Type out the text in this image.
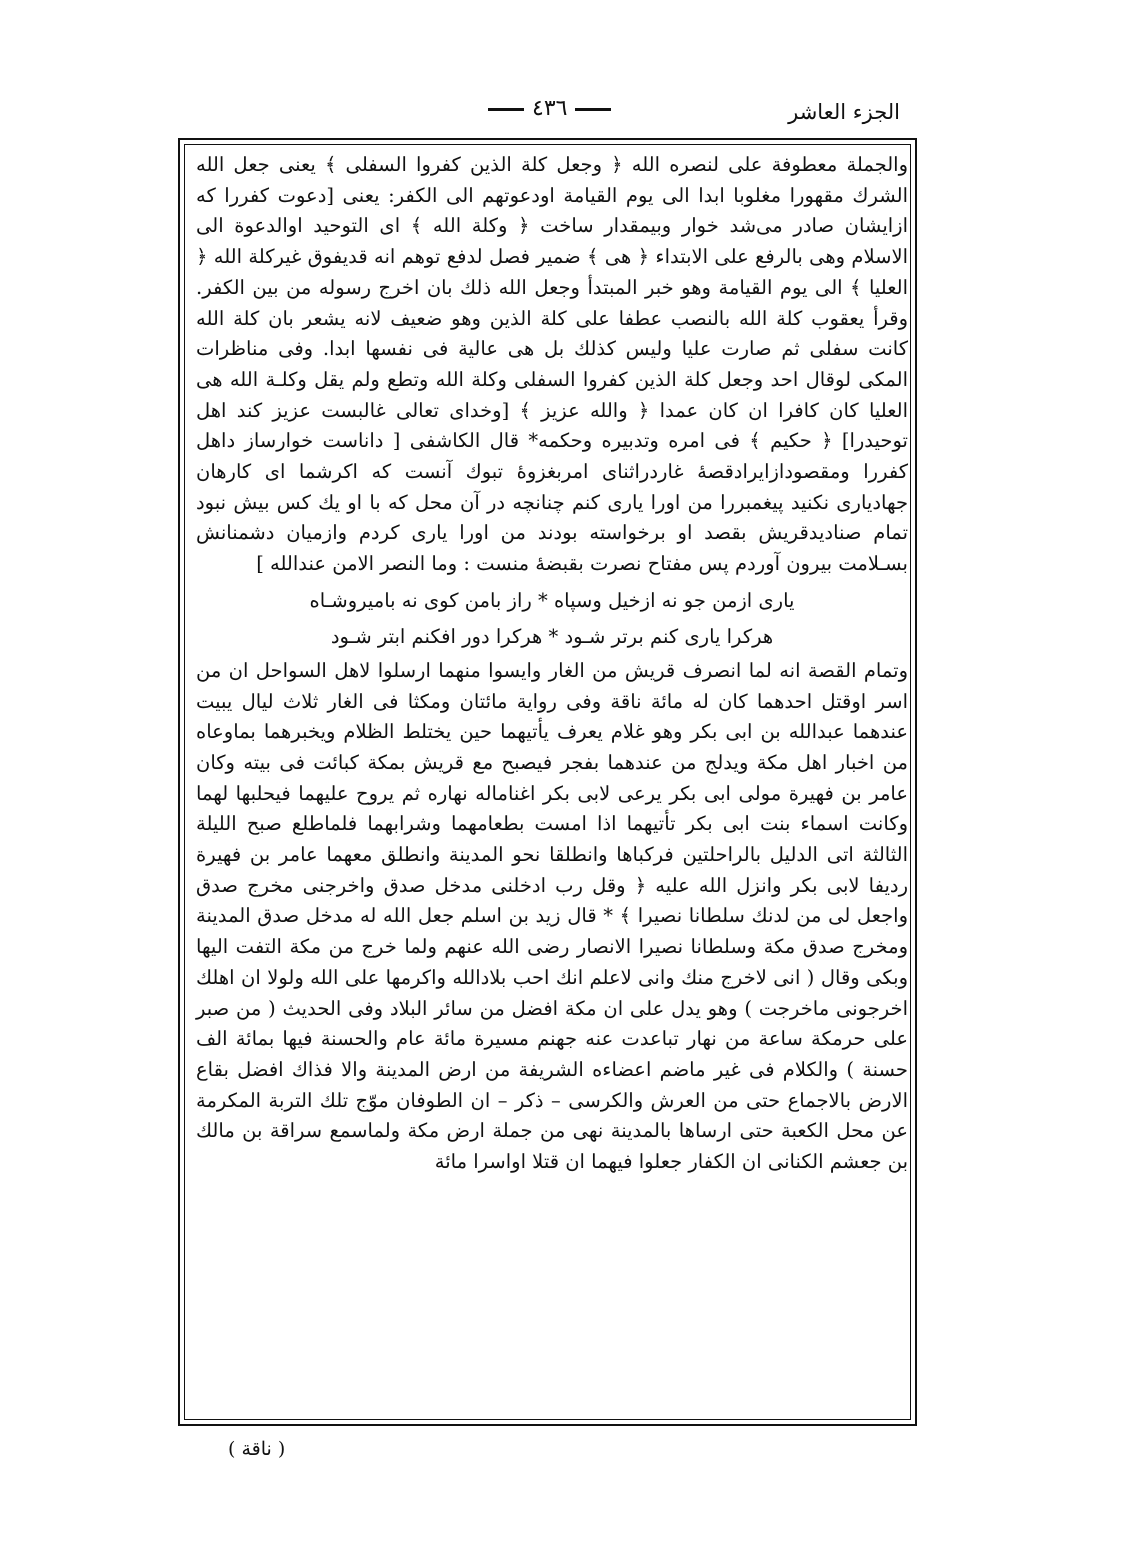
الجزء العاشر
٤٣٦

والجملة معطوفة على لنصره الله ﴿ وجعل كلة الذين كفروا السفلى ﴾ يعنى جعل الله الشرك مقهورا مغلوبا ابدا الى يوم القيامة اودعوتهم الى الكفر: يعنى [دعوت كفررا كه ازايشان صادر مى‌شد خوار وبيمقدار ساخت ﴿ وكلة الله ﴾ اى التوحيد اوالدعوة الى الاسلام وهى بالرفع على الابتداء ﴿ هى ﴾ ضمير فصل لدفع توهم انه قديفوق غيركلة الله ﴿ العليا ﴾ الى يوم القيامة وهو خبر المبتدأ وجعل الله ذلك بان اخرج رسوله من بين الكفر. وقرأ يعقوب كلة الله بالنصب عطفا على كلة الذين وهو ضعيف لانه يشعر بان كلة الله كانت سفلى ثم صارت عليا وليس كذلك بل هى عالية فى نفسها ابدا. وفى مناظرات المكى لوقال احد وجعل كلة الذين كفروا السفلى وكلة الله وتطع ولم يقل وكلـة الله هى العليا كان كافرا ان كان عمدا ﴿ والله عزيز ﴾ [وخداى تعالى غالبست عزيز كند اهل توحيدرا] ﴿ حكيم ﴾ فى امره وتدبيره وحكمه* قال الكاشفى [ داناست خوارساز داهل كفررا ومقصودازايرادقصهٔ غاردراثناى امربغزوهٔ تبوك آنست كه اكرشما اى كارهان جهاديارى نكنيد پيغمبررا من اورا يارى كنم چنانچه در آن محل كه با او يك كس بيش نبود تمام صناديدقريش بقصد او برخواسته بودند من اورا يارى كردم وازميان دشمنانش بسـلامت بيرون آوردم پس مفتاح نصرت بقبضهٔ منست : وما النصر الامن عندالله ]

يارى ازمن جو نه ازخيل وسپاه * راز بامن كوى نه باميروشـاه
هركرا يارى كنم برتر شـود * هركرا دور افكنم ابتر شـود

وتمام القصة انه لما انصرف قريش من الغار وايسوا منهما ارسلوا لاهل السواحل ان من اسر اوقتل احدهما كان له مائة ناقة وفى رواية مائتان ومكثا فى الغار ثلاث ليال يبيت عندهما عبدالله بن ابى بكر وهو غلام يعرف يأتيهما حين يختلط الظلام ويخبرهما بماوعاه من اخبار اهل مكة ويدلج من عندهما بفجر فيصبح مع قريش بمكة كبائت فى بيته وكان عامر بن فهيرة مولى ابى بكر يرعى لابى بكر اغناماله نهاره ثم يروح عليهما فيحلبها لهما وكانت اسماء بنت ابى بكر تأتيهما اذا امست بطعامهما وشرابهما فلماطلع صبح الليلة الثالثة اتى الدليل بالراحلتين فركباها وانطلقا نحو المدينة وانطلق معهما عامر بن فهيرة رديفا لابى بكر وانزل الله عليه ﴿ وقل رب ادخلنى مدخل صدق واخرجنى مخرج صدق واجعل لى من لدنك سلطانا نصيرا ﴾ * قال زيد بن اسلم جعل الله له مدخل صدق المدينة ومخرج صدق مكة وسلطانا نصيرا الانصار رضى الله عنهم ولما خرج من مكة التفت اليها وبكى وقال ( انى لاخرج منك وانى لاعلم انك احب بلادالله واكرمها على الله ولولا ان اهلك اخرجونى ماخرجت ) وهو يدل على ان مكة افضل من سائر البلاد وفى الحديث ( من صبر على حرمكة ساعة من نهار تباعدت عنه جهنم مسيرة مائة عام والحسنة فيها بمائة الف حسنة ) والكلام فى غير ماضم اعضاءه الشريفة من ارض المدينة والا فذاك افضل بقاع الارض بالاجماع حتى من العرش والكرسى – ذكر – ان الطوفان موّج تلك التربة المكرمة عن محل الكعبة حتى ارساها بالمدينة نهى من جملة ارض مكة ولماسمع سراقة بن مالك بن جعشم الكنانى ان الكفار جعلوا فيهما ان قتلا اواسرا مائة

( ناقة )
